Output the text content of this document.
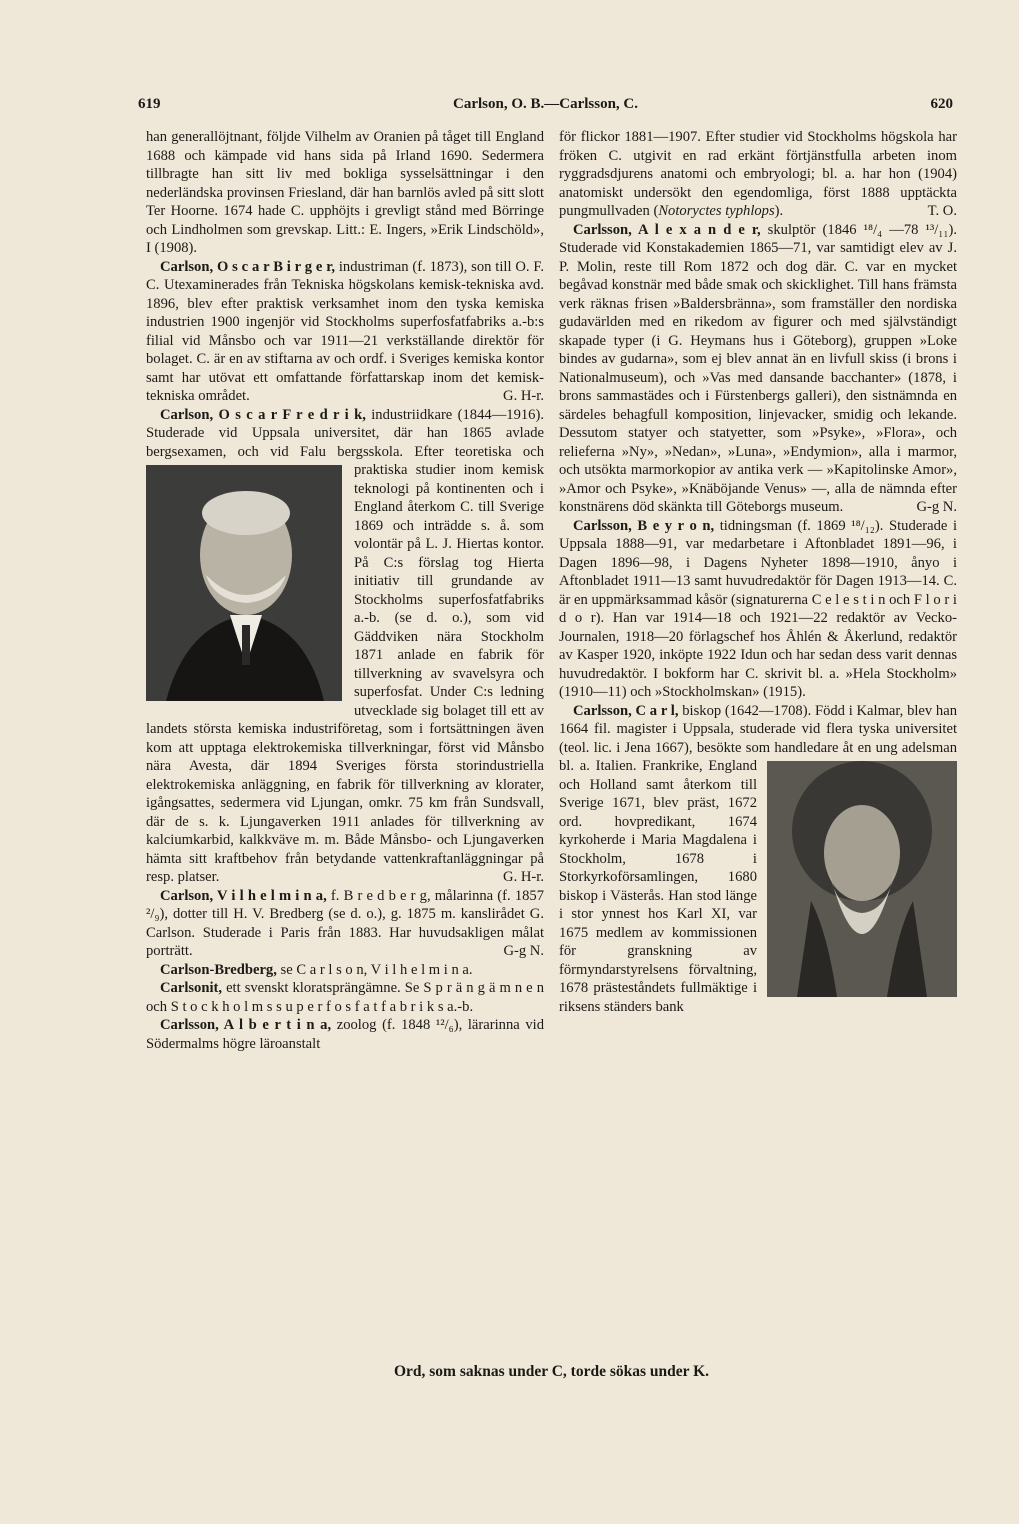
619	Carlson, O. B.—Carlsson, C.	620

han generallöjtnant, följde Vilhelm av Oranien på tåget till England 1688 och kämpade vid hans sida på Irland 1690. Sedermera tillbragte han sitt liv med bokliga sysselsättningar i den nederländska provinsen Friesland, där han barnlös avled på sitt slott Ter Hoorne. 1674 hade C. upphöjts i grevligt stånd med Börringe och Lindholmen som grevskap. Litt.: E. Ingers, »Erik Lindschöld», I (1908).

Carlson, O s c a r B i r g e r, industriman (f. 1873), son till O. F. C. Utexaminerades från Tekniska högskolans kemisk-tekniska avd. 1896, blev efter praktisk verksamhet inom den tyska kemiska industrien 1900 ingenjör vid Stockholms superfosfatfabriks a.-b:s filial vid Månsbo och var 1911—21 verkställande direktör för bolaget. C. är en av stiftarna av och ordf. i Sveriges kemiska kontor samt har utövat ett omfattande författarskap inom det kemisk-tekniska området.	G. H-r.

Carlson, O s c a r F r e d r i k, industriidkare (1844—1916). Studerade vid Uppsala universitet, där han 1865 avlade bergsexamen, och vid Falu bergsskola.
Efter teoretiska och praktiska studier inom kemisk teknologi på kontinenten och i England återkom C. till Sverige 1869 och inträdde s. å. som volontär på L. J. Hiertas kontor. På C:s förslag tog Hierta initiativ till grundande av Stockholms superfosfatfabriks a.-b. (se d. o.), som vid Gäddviken nära Stockholm 1871 anlade en fabrik för tillverkning av svavelsyra och superfosfat. Under C:s ledning utvecklade sig bolaget till ett av landets största kemiska industriföretag, som i fortsättningen även kom att upptaga elektrokemiska tillverkningar, först vid Månsbo nära Avesta, där 1894 Sveriges första storindustriella elektrokemiska anläggning, en fabrik för tillverkning av klorater, igångsattes, sedermera vid Ljungan, omkr. 75 km från Sundsvall, där de s. k. Ljungaverken 1911 anlades för tillverkning av kalciumkarbid, kalkkväve m. m. Både Månsbo- och Ljungaverken hämta sitt kraftbehov från betydande vattenkraftanläggningar på resp. platser.	G. H-r.

Carlson, V i l h e l m i n a, f. B r e d b e r g, målarinna (f. 1857 ²/₉), dotter till H. V. Bredberg (se d. o.), g. 1875 m. kanslirådet G. Carlson. Studerade i Paris från 1883. Har huvudsakligen målat porträtt.	G-g N.

Carlson-Bredberg, se C a r l s o n, V i l h e l m i n a.

Carlsonit, ett svenskt kloratsprängämne. Se S p r ä n g ä m n e n och S t o c k h o l m s s u p e r f o s f a t f a b r i k s a.-b.

Carlsson, A l b e r t i n a, zoolog (f. 1848 ¹²/₆), lärarinna vid Södermalms högre läroanstalt

för flickor 1881—1907. Efter studier vid Stockholms högskola har fröken C. utgivit en rad erkänt förtjänstfulla arbeten inom ryggradsdjurens anatomi och embryologi; bl. a. har hon (1904) anatomiskt undersökt den egendomliga, först 1888 upptäckta pungmullvaden (Notoryctes typhlops).	T. O.

Carlsson, A l e x a n d e r, skulptör (1846 ¹⁸/₄ —78 ¹³/₁₁). Studerade vid Konstakademien 1865—71, var samtidigt elev av J. P. Molin, reste till Rom 1872 och dog där. C. var en mycket begåvad konstnär med både smak och skicklighet. Till hans främsta verk räknas frisen »Baldersbränna», som framställer den nordiska gudavärlden med en rikedom av figurer och med självständigt skapade typer (i G. Heymans hus i Göteborg), gruppen »Loke bindes av gudarna», som ej blev annat än en livfull skiss (i brons i Nationalmuseum), och »Vas med dansande bacchanter» (1878, i brons sammastädes och i Fürstenbergs galleri), den sistnämnda en särdeles behagfull komposition, linjevacker, smidig och lekande. Dessutom statyer och statyetter, som »Psyke», »Flora», och relieferna »Ny», »Nedan», »Luna», »Endymion», alla i marmor, och utsökta marmorkopior av antika verk — »Kapitolinske Amor», »Amor och Psyke», »Knäböjande Venus» —, alla de nämnda efter konstnärens död skänkta till Göteborgs museum.	G-g N.

Carlsson, B e y r o n, tidningsman (f. 1869 ¹⁸/₁₂). Studerade i Uppsala 1888—91, var medarbetare i Aftonbladet 1891—96, i Dagen 1896—98, i Dagens Nyheter 1898—1910, ånyo i Aftonbladet 1911—13 samt huvudredaktör för Dagen 1913—14. C. är en uppmärksammad kåsör (signaturerna C e l e s t i n och F l o r i d o r). Han var 1914—18 och 1921—22 redaktör av Vecko-Journalen, 1918—20 förlagschef hos Åhlén & Åkerlund, redaktör av Kasper 1920, inköpte 1922 Idun och har sedan dess varit dennas huvudredaktör. I bokform har C. skrivit bl. a. »Hela Stockholm» (1910—11) och »Stockholmskan» (1915).

Carlsson, C a r l, biskop (1642—1708). Född i Kalmar, blev han 1664 fil. magister i Uppsala, studerade vid flera tyska universitet (teol. lic. i Jena 1667), besökte som handledare åt en ung adelsman bl. a. Italien.
Frankrike, England och Holland samt återkom till Sverige 1671, blev präst, 1672 ord. hovpredikant, 1674 kyrkoherde i Maria Magdalena i Stockholm, 1678 i Storkyrkoförsamlingen, 1680 biskop i Västerås. Han stod länge i stor ynnest hos Karl XI, var 1675 medlem av kommissionen för granskning av förmyndarstyrelsens förvaltning, 1678 prästeståndets fullmäktige i riksens ständers bank

Ord, som saknas under C, torde sökas under K.
